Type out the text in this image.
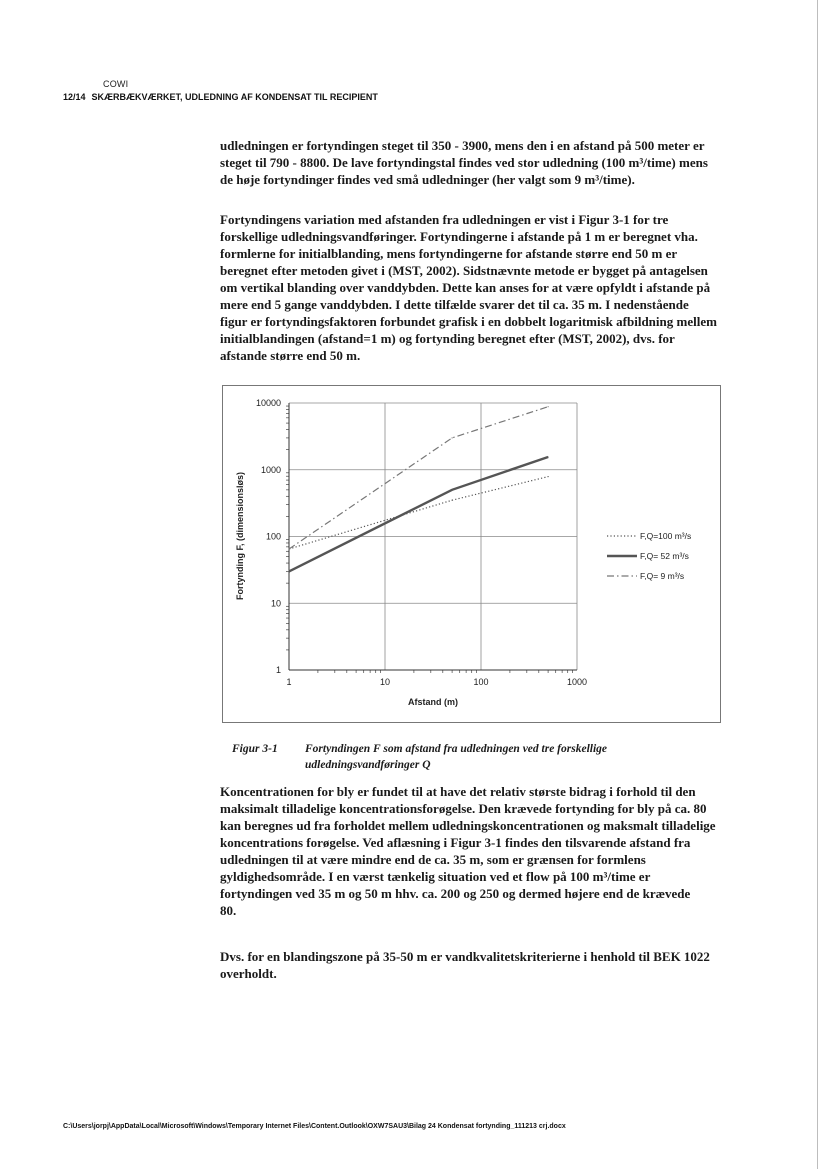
COWI
12/14 SKÆRBÆKVÆRKET, UDLEDNING AF KONDENSAT TIL RECIPIENT
udledningen er fortyndingen steget til 350 - 3900, mens den i en afstand på 500 meter er
steget til 790 - 8800. De lave fortyndingstal findes ved stor udledning (100 m³/time) mens
de høje fortyndinger findes ved små udledninger (her valgt som 9 m³/time).
Fortyndingens variation med afstanden fra udledningen er vist i Figur 3-1 for tre
forskellige udledningsvandføringer. Fortyndingerne i afstande på 1 m er beregnet vha.
formlerne for initialblanding, mens fortyndingerne for afstande større end 50 m er
beregnet efter metoden givet i (MST, 2002). Sidstnævnte metode er bygget på antagelsen
om vertikal blanding over vanddybden. Dette kan anses for at være opfyldt i afstande på
mere end 5 gange vanddybden. I dette tilfælde svarer det til ca. 35 m. I nedenstående
figur er fortyndingsfaktoren forbundet grafisk i en dobbelt logaritmisk afbildning mellem
initialblandingen (afstand=1 m) og fortynding beregnet efter (MST, 2002), dvs. for
afstande større end 50 m.
1
10
100
1000
10000
1	10	100	1000
F,Q=100 m³/s
F,Q= 52 m³/s
F,Q= 9 m³/s
Afstand (m)
Fortynding F, (dimensionsløs)
Figur 3-1 Fortyndingen F som afstand fra udledningen ved tre forskellige
udledningsvandføringer Q
Koncentrationen for bly er fundet til at have det relativ største bidrag i forhold til den
maksimalt tilladelige koncentrationsforøgelse. Den krævede fortynding for bly på ca. 80
kan beregnes ud fra forholdet mellem udledningskoncentrationen og maksmalt tilladelige
koncentrations forøgelse. Ved aflæsning i Figur 3-1 findes den tilsvarende afstand fra
udledningen til at være mindre end de ca. 35 m, som er grænsen for formlens
gyldighedsområde. I en værst tænkelig situation ved et flow på 100 m³/time er
fortyndingen ved 35 m og 50 m hhv. ca. 200 og 250 og dermed højere end de krævede
80.
Dvs. for en blandingszone på 35-50 m er vandkvalitetskriterierne i henhold til BEK 1022
overholdt.
C:\Users\jorpj\AppData\Local\Microsoft\Windows\Temporary Internet Files\Content.Outlook\OXW7SAU3\Bilag 24 Kondensat fortynding_111213 crj.docx
